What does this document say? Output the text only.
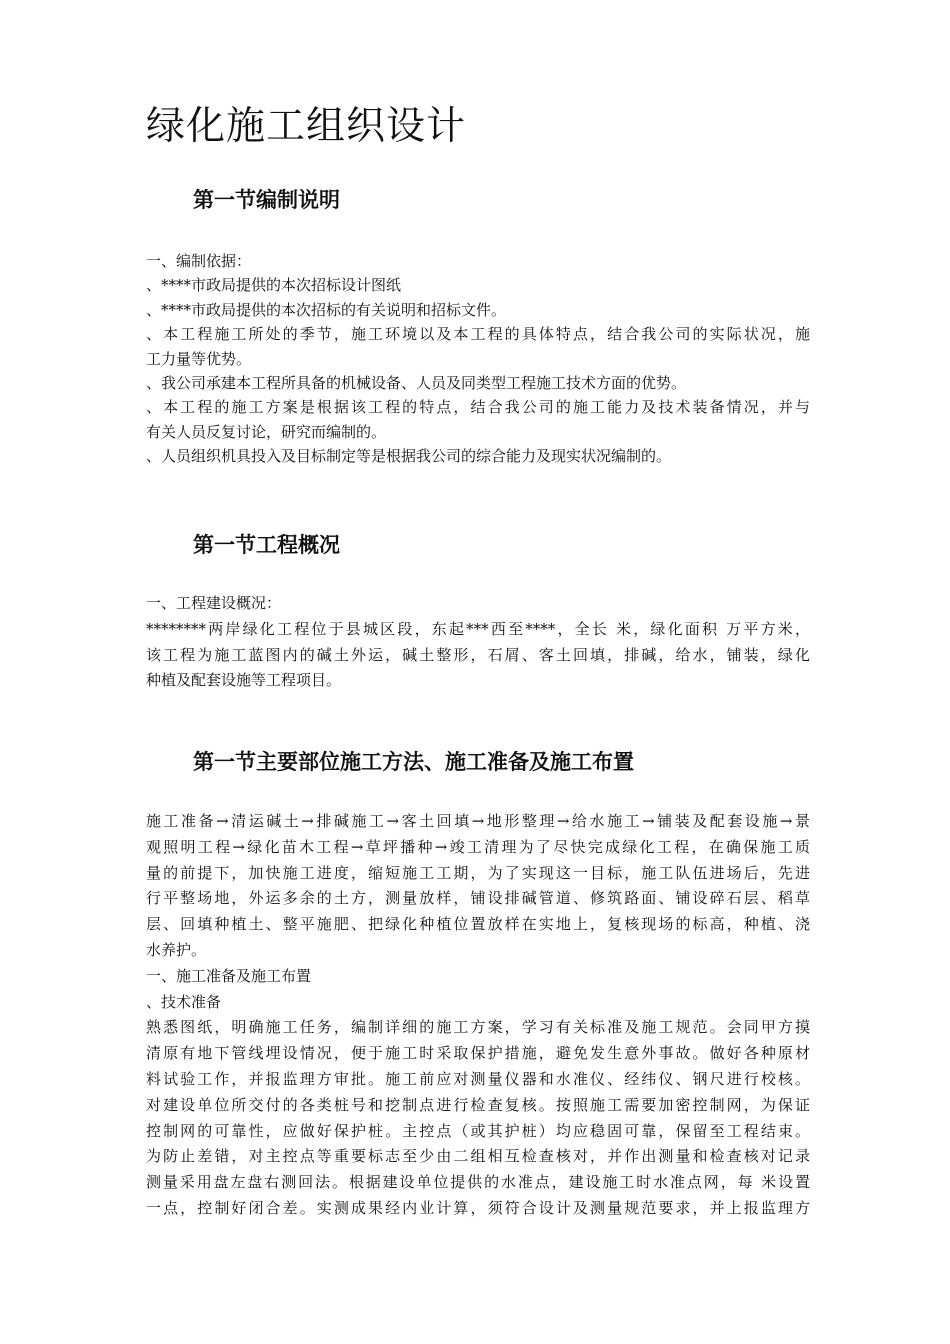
绿化施工组织设计
第一节编制说明
一、编制依据：
、****市政局提供的本次招标设计图纸
、****市政局提供的本次招标的有关说明和招标文件。
、本工程施工所处的季节，施工环境以及本工程的具体特点，结合我公司的实际状况，施
工力量等优势。
、我公司承建本工程所具备的机械设备、人员及同类型工程施工技术方面的优势。
、本工程的施工方案是根据该工程的特点，结合我公司的施工能力及技术装备情况，并与
有关人员反复讨论，研究而编制的。
、人员组织机具投入及目标制定等是根据我公司的综合能力及现实状况编制的。
第一节工程概况
一、工程建设概况：
********两岸绿化工程位于县城区段，东起***西至****，全长 米，绿化面积 万平方米，
该工程为施工蓝图内的碱土外运，碱土整形，石屑、客土回填，排碱，给水，铺装，绿化
种植及配套设施等工程项目。
第一节主要部位施工方法、施工准备及施工布置
施工准备→清运碱土→排碱施工→客土回填→地形整理→给水施工→铺装及配套设施→景
观照明工程→绿化苗木工程→草坪播种→竣工清理为了尽快完成绿化工程，在确保施工质
量的前提下，加快施工进度，缩短施工工期，为了实现这一目标，施工队伍进场后，先进
行平整场地，外运多余的土方，测量放样，铺设排碱管道、修筑路面、铺设碎石层、稻草
层、回填种植土、整平施肥、把绿化种植位置放样在实地上，复核现场的标高，种植、浇
水养护。
一、施工准备及施工布置
、技术准备
熟悉图纸，明确施工任务，编制详细的施工方案，学习有关标准及施工规范。会同甲方摸
清原有地下管线埋设情况，便于施工时采取保护措施，避免发生意外事故。做好各种原材
料试验工作，并报监理方审批。施工前应对测量仪器和水准仪、经纬仪、钢尺进行校核。
对建设单位所交付的各类桩号和挖制点进行检查复核。按照施工需要加密控制网，为保证
控制网的可靠性，应做好保护桩。主控点（或其护桩）均应稳固可靠，保留至工程结束。
为防止差错，对主控点等重要标志至少由二组相互检查核对，并作出测量和检查核对记录
测量采用盘左盘右测回法。根据建设单位提供的水准点，建设施工时水准点网，每 米设置
一点，控制好闭合差。实测成果经内业计算，须符合设计及测量规范要求，并上报监理方
